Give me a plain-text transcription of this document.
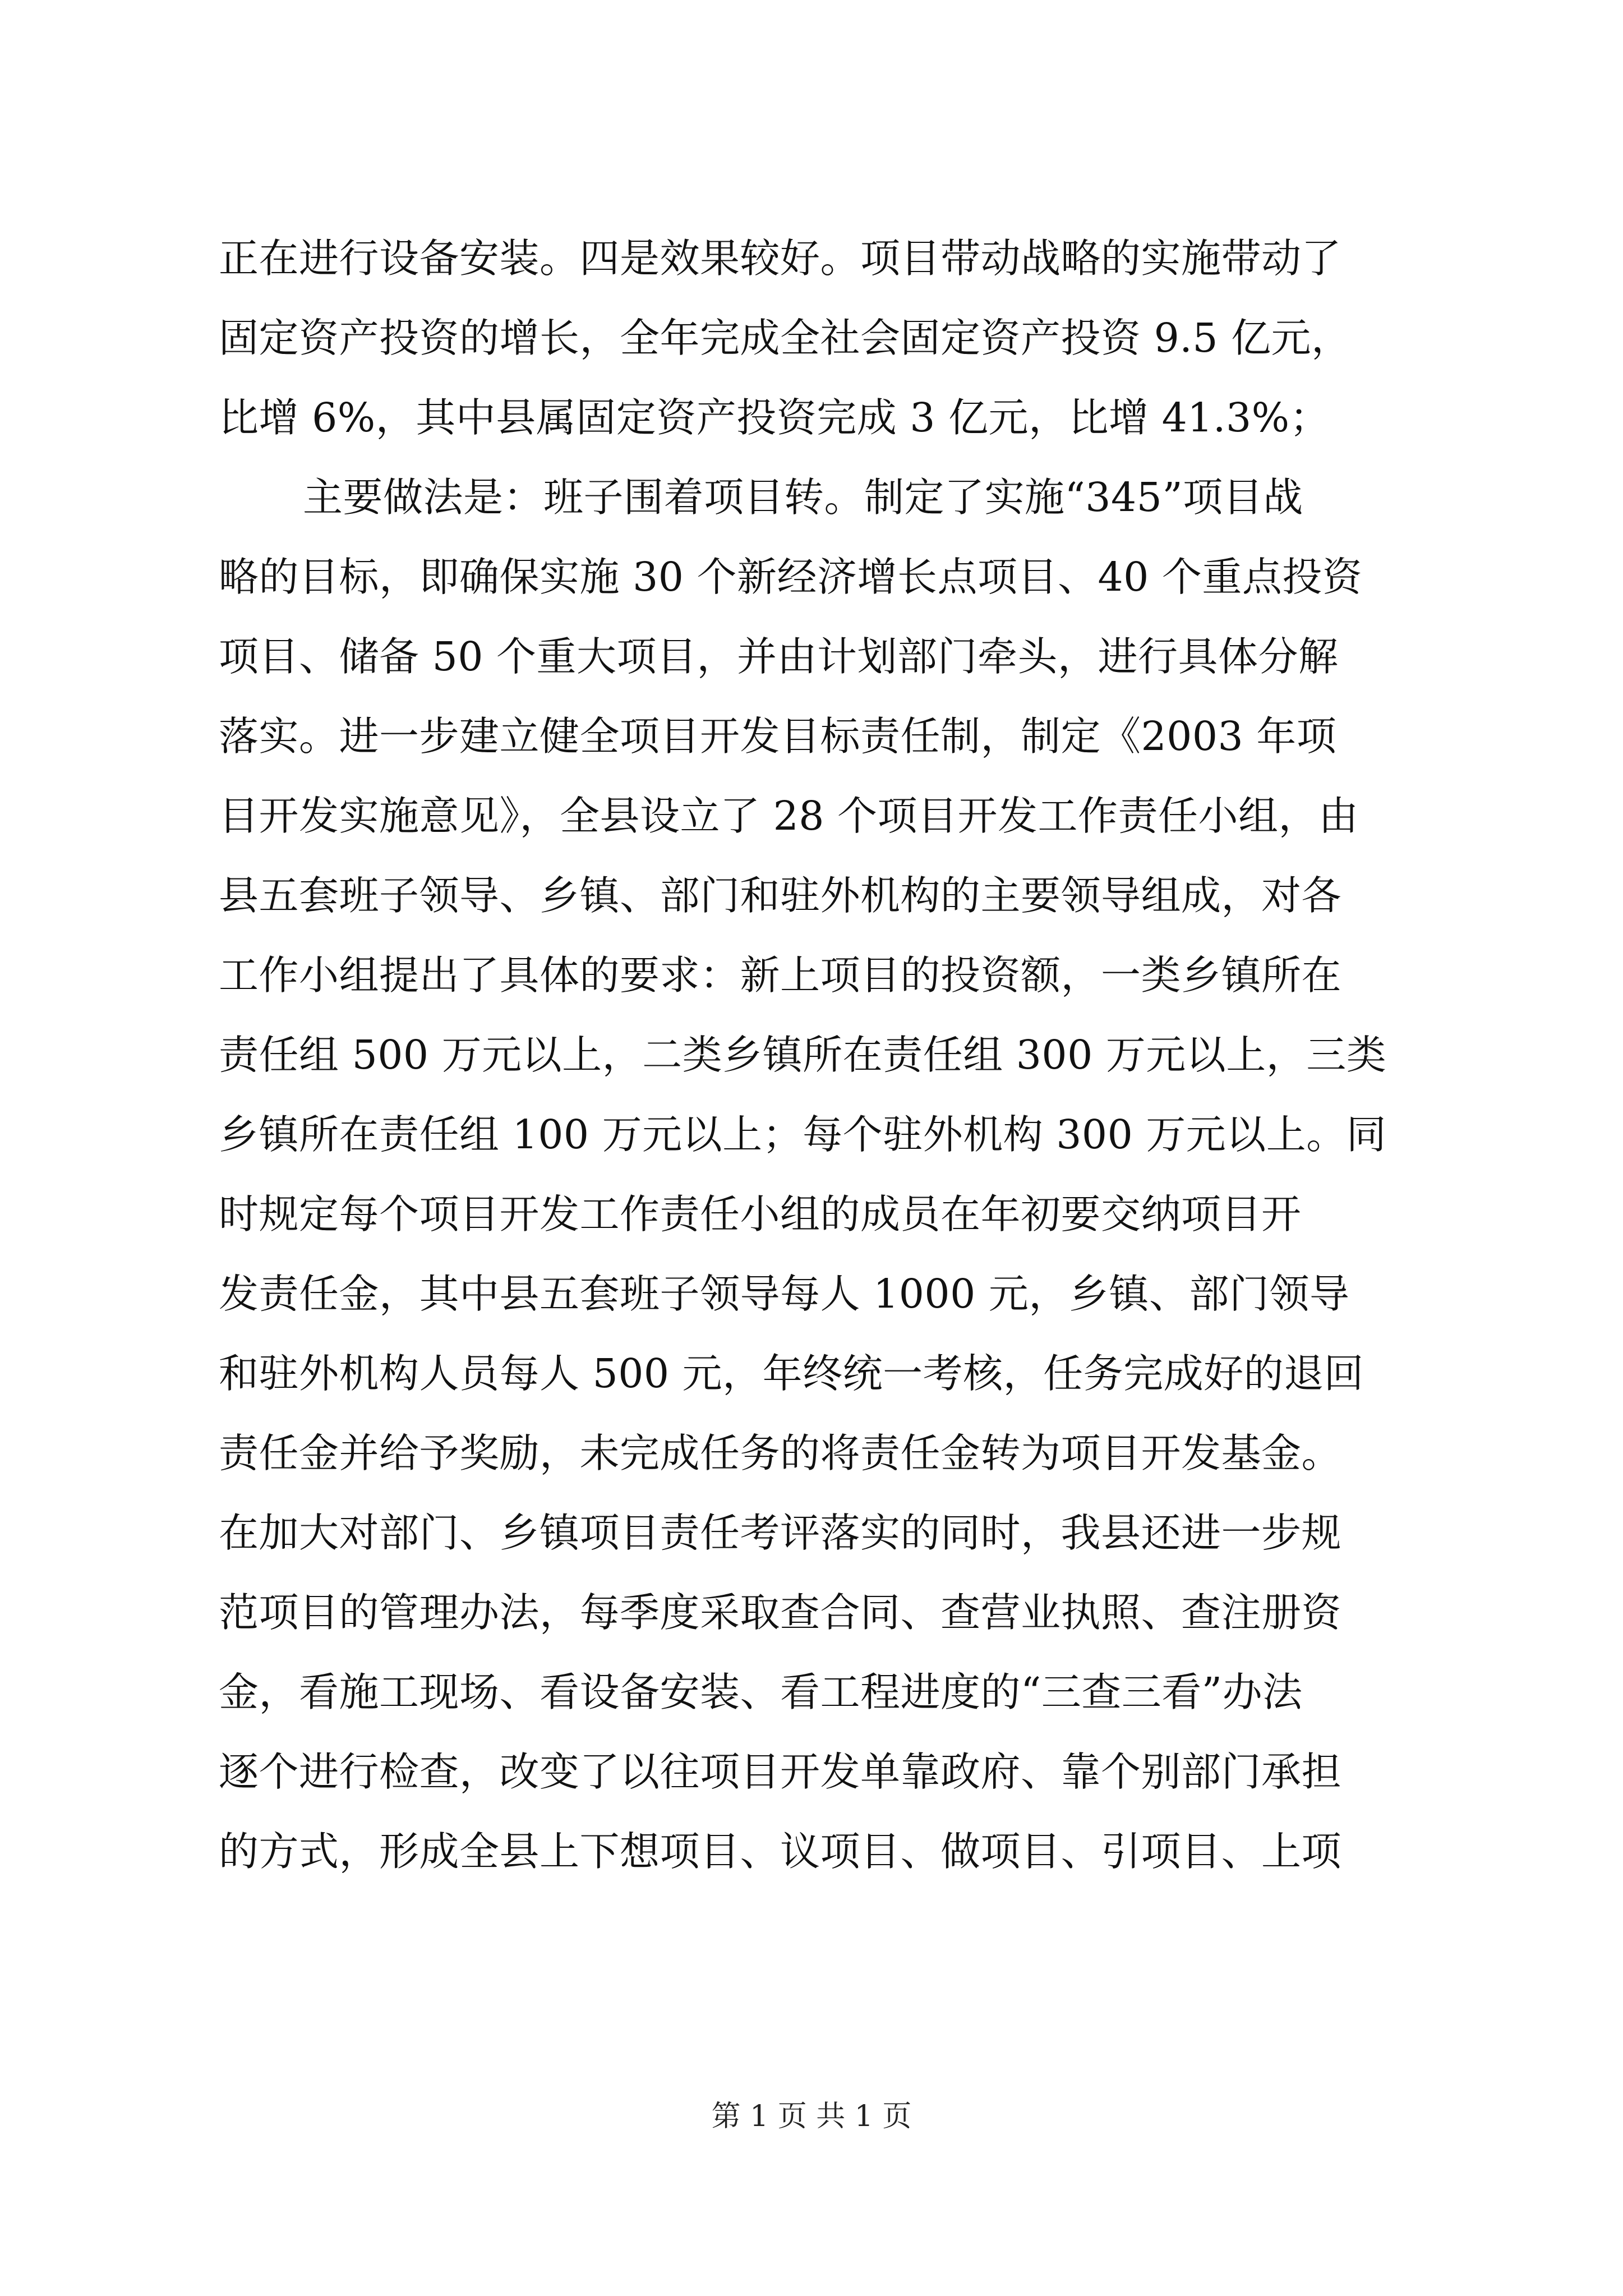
正在进行设备安装。四是效果较好。项目带动战略的实施带动了
固定资产投资的增长，全年完成全社会固定资产投资 9.5 亿元，
比增 6%，其中县属固定资产投资完成 3 亿元，比增 41.3%；
主要做法是：班子围着项目转。制定了实施“345”项目战
略的目标，即确保实施 30 个新经济增长点项目、40 个重点投资
项目、储备 50 个重大项目，并由计划部门牵头，进行具体分解
落实。进一步建立健全项目开发目标责任制，制定《2003 年项
目开发实施意见》，全县设立了 28 个项目开发工作责任小组，由
县五套班子领导、乡镇、部门和驻外机构的主要领导组成，对各
工作小组提出了具体的要求：新上项目的投资额，一类乡镇所在
责任组 500 万元以上，二类乡镇所在责任组 300 万元以上，三类
乡镇所在责任组 100 万元以上；每个驻外机构 300 万元以上。同
时规定每个项目开发工作责任小组的成员在年初要交纳项目开
发责任金，其中县五套班子领导每人 1000 元，乡镇、部门领导
和驻外机构人员每人 500 元，年终统一考核，任务完成好的退回
责任金并给予奖励，未完成任务的将责任金转为项目开发基金。
在加大对部门、乡镇项目责任考评落实的同时，我县还进一步规
范项目的管理办法，每季度采取查合同、查营业执照、查注册资
金，看施工现场、看设备安装、看工程进度的“三查三看”办法
逐个进行检查，改变了以往项目开发单靠政府、靠个别部门承担
的方式，形成全县上下想项目、议项目、做项目、引项目、上项
第 1 页 共 1 页
